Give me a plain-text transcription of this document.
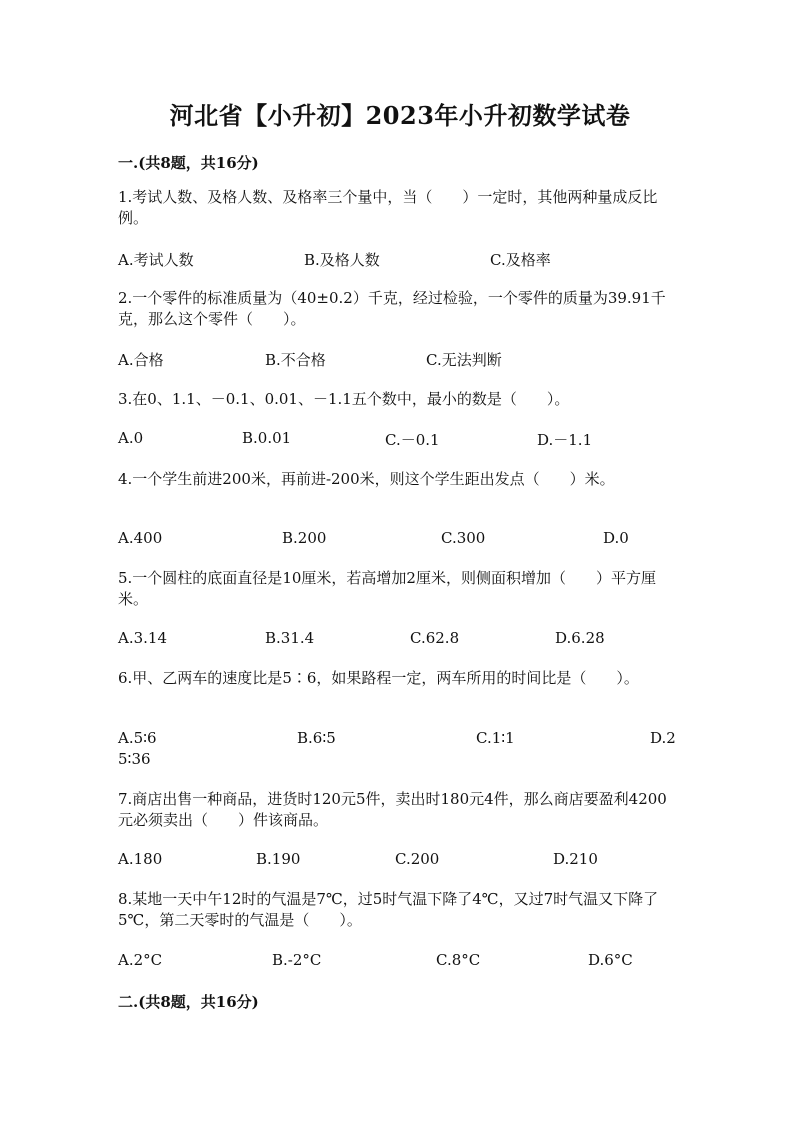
河北省【小升初】2023年小升初数学试卷
一.(共8题，共16分)
1.考试人数、及格人数、及格率三个量中，当（　　）一定时，其他两种量成反比例。
A.考试人数	B.及格人数	C.及格率
2.一个零件的标准质量为（40±0.2）千克，经过检验，一个零件的质量为39.91千克，那么这个零件（　　）。
A.合格	B.不合格	C.无法判断
3.在0、1.1、－0.1、0.01、－1.1五个数中，最小的数是（　　）。
A.0	B.0.01	C.－0.1	D.－1.1
4.一个学生前进200米，再前进-200米，则这个学生距出发点（　　）米。
A.400	B.200	C.300	D.0
5.一个圆柱的底面直径是10厘米，若高增加2厘米，则侧面积增加（　　）平方厘米。
A.3.14	B.31.4	C.62.8	D.6.28
6.甲、乙两车的速度比是5∶6，如果路程一定，两车所用的时间比是（　　）。
A.5∶6	B.6∶5	C.1∶1	D.2
5∶36
7.商店出售一种商品，进货时120元5件，卖出时180元4件，那么商店要盈利4200元必须卖出（　　）件该商品。
A.180	B.190	C.200	D.210
8.某地一天中午12时的气温是7℃，过5时气温下降了4℃，又过7时气温又下降了5℃，第二天零时的气温是（　　）。
A.2°C	B.-2°C	C.8°C	D.6°C
二.(共8题，共16分)
